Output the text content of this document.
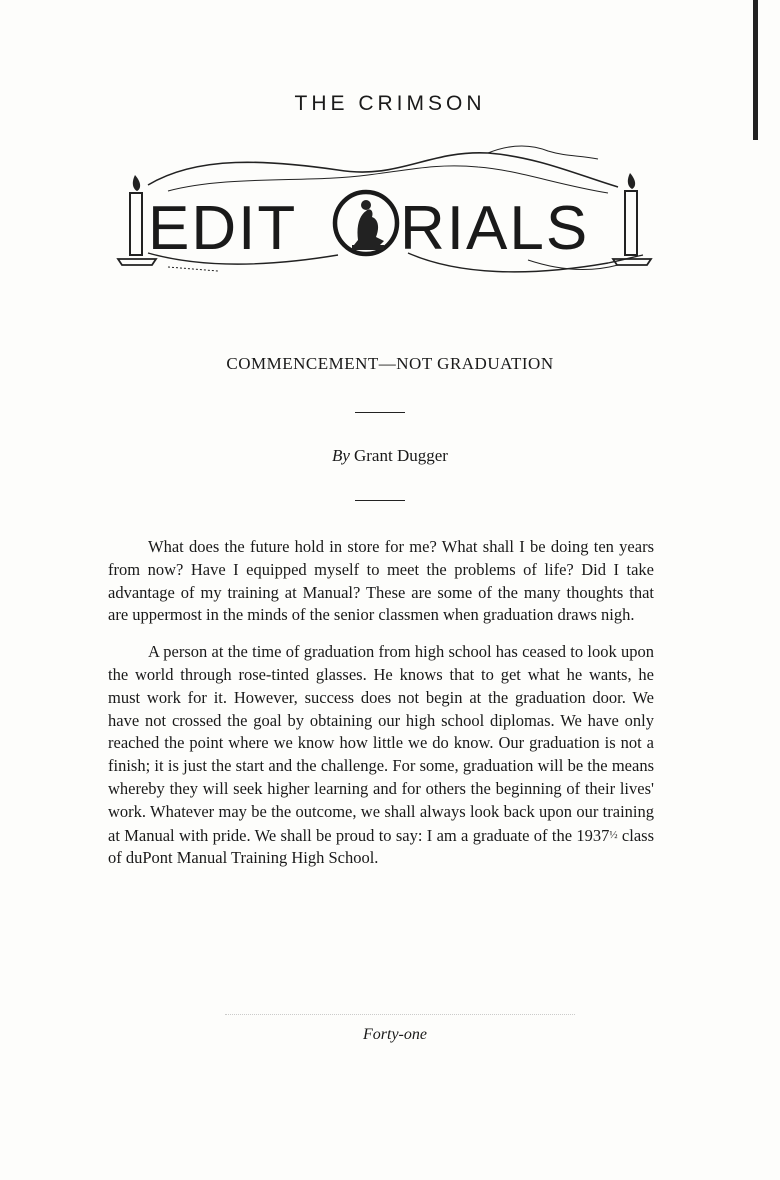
THE CRIMSON
EDIT RIALS
COMMENCEMENT—NOT GRADUATION
By Grant Dugger

What does the future hold in store for me? What shall I be doing ten years from now? Have I equipped myself to meet the problems of life? Did I take advantage of my training at Manual? These are some of the many thoughts that are uppermost in the minds of the senior classmen when graduation draws nigh.

A person at the time of graduation from high school has ceased to look upon the world through rose-tinted glasses. He knows that to get what he wants, he must work for it. However, success does not begin at the graduation door. We have not crossed the goal by obtaining our high school diplomas. We have only reached the point where we know how little we do know. Our graduation is not a finish; it is just the start and the challenge. For some, graduation will be the means whereby they will seek higher learning and for others the beginning of their lives' work. Whatever may be the outcome, we shall always look back upon our training at Manual with pride. We shall be proud to say: I am a graduate of the 1937½ class of duPont Manual Training High School.

Forty-one
